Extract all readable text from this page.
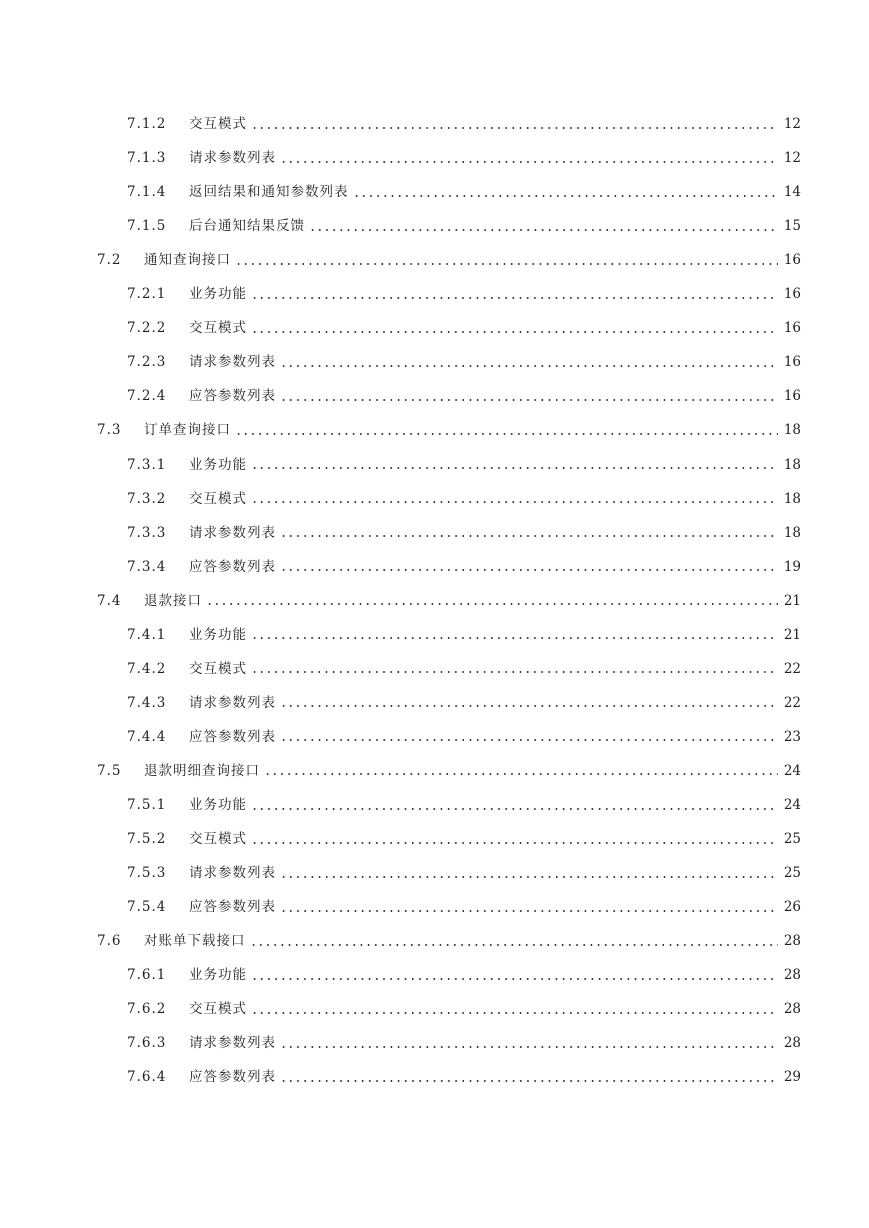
7.1.2	交互模式	12
7.1.3	请求参数列表	12
7.1.4	返回结果和通知参数列表	14
7.1.5	后台通知结果反馈	15
7.2	通知查询接口	16
7.2.1	业务功能	16
7.2.2	交互模式	16
7.2.3	请求参数列表	16
7.2.4	应答参数列表	16
7.3	订单查询接口	18
7.3.1	业务功能	18
7.3.2	交互模式	18
7.3.3	请求参数列表	18
7.3.4	应答参数列表	19
7.4	退款接口	21
7.4.1	业务功能	21
7.4.2	交互模式	22
7.4.3	请求参数列表	22
7.4.4	应答参数列表	23
7.5	退款明细查询接口	24
7.5.1	业务功能	24
7.5.2	交互模式	25
7.5.3	请求参数列表	25
7.5.4	应答参数列表	26
7.6	对账单下载接口	28
7.6.1	业务功能	28
7.6.2	交互模式	28
7.6.3	请求参数列表	28
7.6.4	应答参数列表	29
